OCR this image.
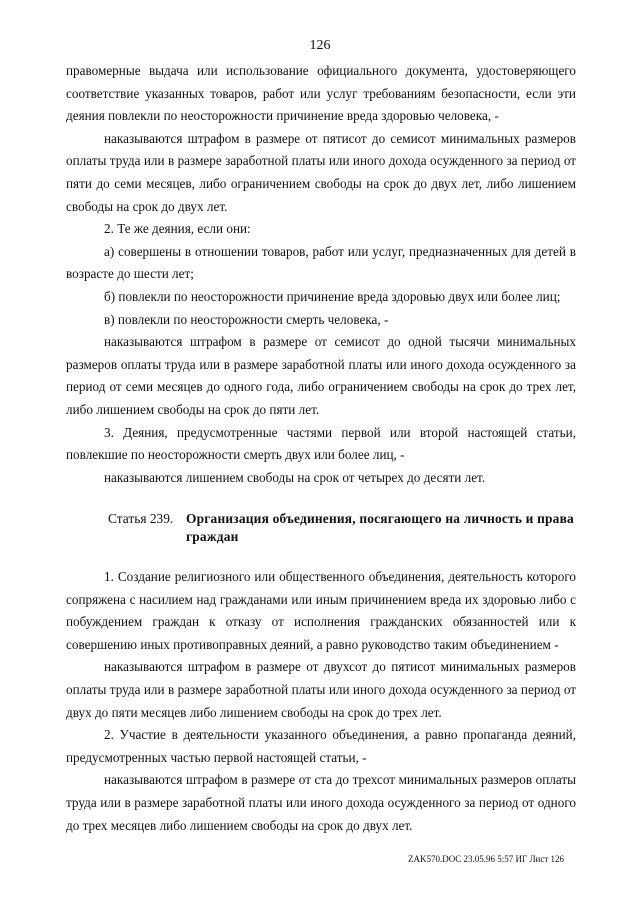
126

правомерные выдача или использование официального документа, удостоверяющего соответствие указанных товаров, работ или услуг требованиям безопасности, если эти деяния повлекли по неосторожности причинение вреда здоровью человека, -

наказываются штрафом в размере от пятисот до семисот минимальных размеров оплаты труда или в размере заработной платы или иного дохода осужденного за период от пяти до семи месяцев, либо ограничением свободы на срок до двух лет, либо лишением свободы на срок до двух лет.

2. Те же деяния, если они:

а) совершены в отношении товаров, работ или услуг, предназначенных для детей в возрасте до шести лет;

б) повлекли по неосторожности причинение вреда здоровью двух или более лиц;

в) повлекли по неосторожности смерть человека, -

наказываются штрафом в размере от семисот до одной тысячи минимальных размеров оплаты труда или в размере заработной платы или иного дохода осужденного за период от семи месяцев до одного года, либо ограничением свободы на срок до трех лет, либо лишением свободы на срок до пяти лет.

3. Деяния, предусмотренные частями первой или второй настоящей статьи, повлекшие по неосторожности смерть двух или более лиц, -

наказываются лишением свободы на срок от четырех до десяти лет.

Статья 239. Организация объединения, посягающего на личность и права граждан

1. Создание религиозного или общественного объединения, деятельность которого сопряжена с насилием над гражданами или иным причинением вреда их здоровью либо с побуждением граждан к отказу от исполнения гражданских обязанностей или к совершению иных противоправных деяний, а равно руководство таким объединением -

наказываются штрафом в размере от двухсот до пятисот минимальных размеров оплаты труда или в размере заработной платы или иного дохода осужденного за период от двух до пяти месяцев либо лишением свободы на срок до трех лет.

2. Участие в деятельности указанного объединения, а равно пропаганда деяний, предусмотренных частью первой настоящей статьи, -

наказываются штрафом в размере от ста до трехсот минимальных размеров оплаты труда или в размере заработной платы или иного дохода осужденного за период от одного до трех месяцев либо лишением свободы на срок до двух лет.

ZAK570.DOC 23.05.96 5:57 ИГ Лист 126
